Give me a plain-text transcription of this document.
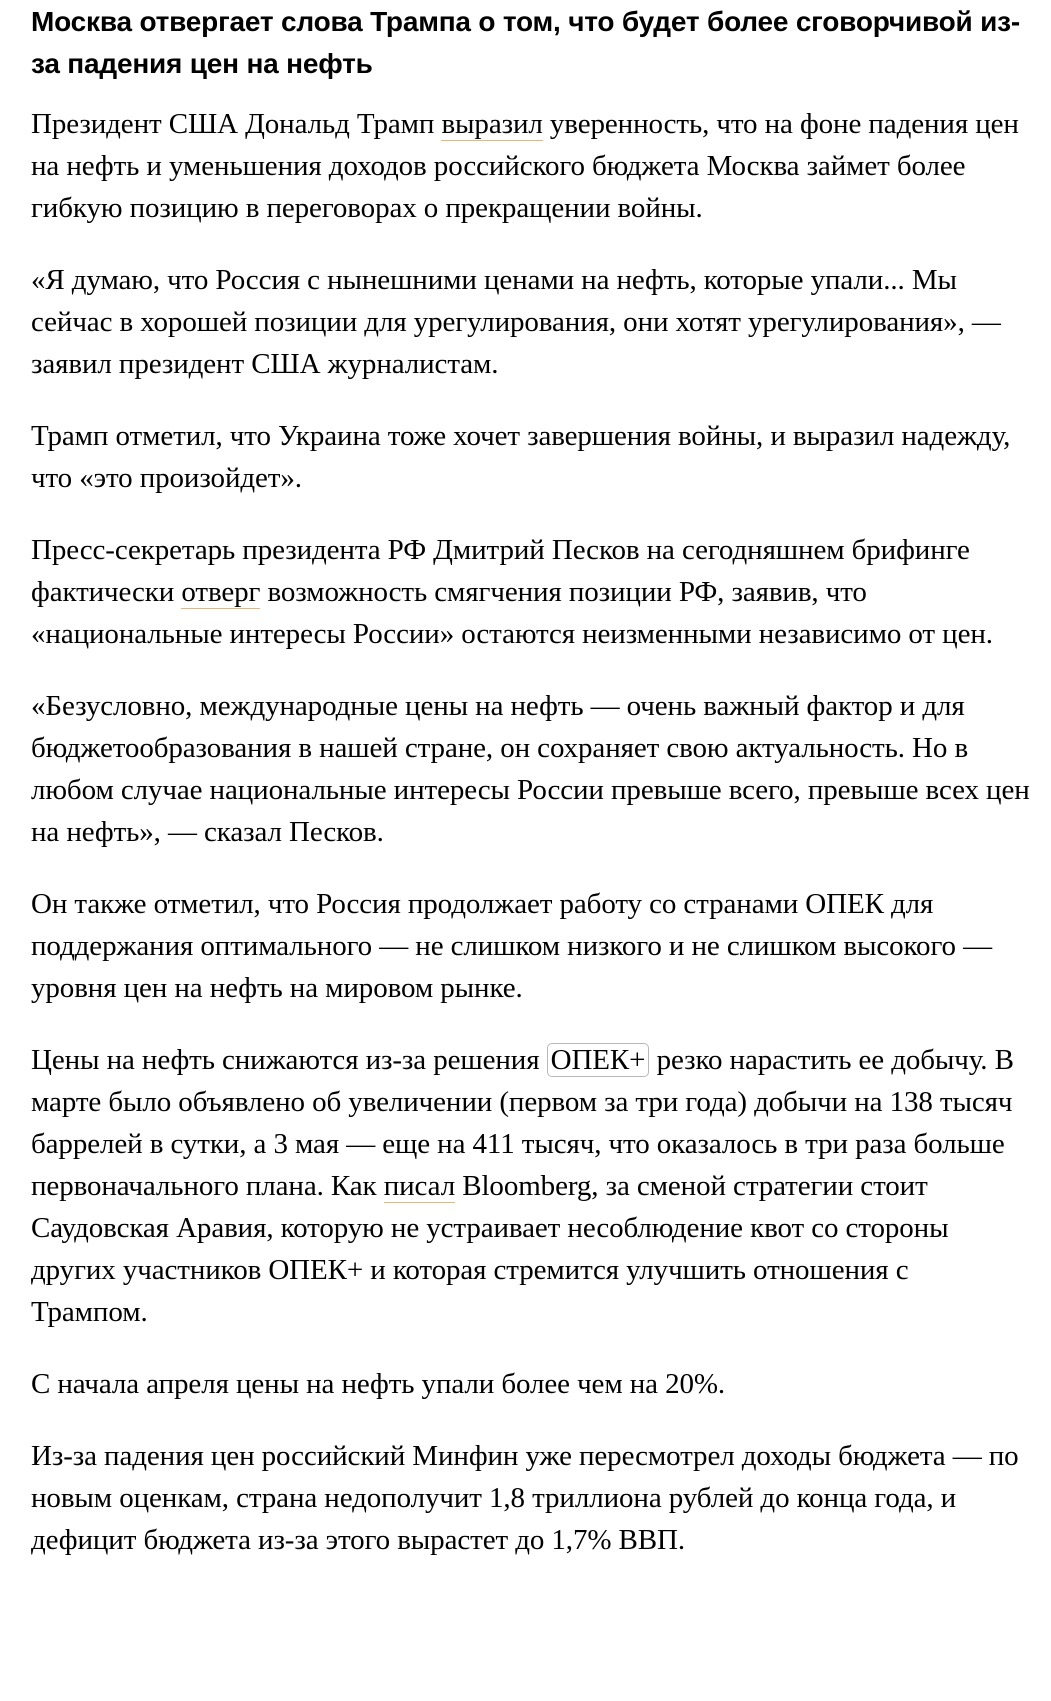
Москва отвергает слова Трампа о том, что будет более сговорчивой из-за падения цен на нефть

Президент США Дональд Трамп выразил уверенность, что на фоне падения цен на нефть и уменьшения доходов российского бюджета Москва займет более гибкую позицию в переговорах о прекращении войны.

«Я думаю, что Россия с нынешними ценами на нефть, которые упали... Мы сейчас в хорошей позиции для урегулирования, они хотят урегулирования», — заявил президент США журналистам.

Трамп отметил, что Украина тоже хочет завершения войны, и выразил надежду, что «это произойдет».

Пресс-секретарь президента РФ Дмитрий Песков на сегодняшнем брифинге фактически отверг возможность смягчения позиции РФ, заявив, что «национальные интересы России» остаются неизменными независимо от цен.

«Безусловно, международные цены на нефть — очень важный фактор и для бюджетообразования в нашей стране, он сохраняет свою актуальность. Но в любом случае национальные интересы России превыше всего, превыше всех цен на нефть», — сказал Песков.

Он также отметил, что Россия продолжает работу со странами ОПЕК для поддержания оптимального — не слишком низкого и не слишком высокого — уровня цен на нефть на мировом рынке.

Цены на нефть снижаются из-за решения ОПЕК+ резко нарастить ее добычу. В марте было объявлено об увеличении (первом за три года) добычи на 138 тысяч баррелей в сутки, а 3 мая — еще на 411 тысяч, что оказалось в три раза больше первоначального плана. Как писал Bloomberg, за сменой стратегии стоит Саудовская Аравия, которую не устраивает несоблюдение квот со стороны других участников ОПЕК+ и которая стремится улучшить отношения с Трампом.

С начала апреля цены на нефть упали более чем на 20%.

Из-за падения цен российский Минфин уже пересмотрел доходы бюджета — по новым оценкам, страна недополучит 1,8 триллиона рублей до конца года, и дефицит бюджета из-за этого вырастет до 1,7% ВВП.
